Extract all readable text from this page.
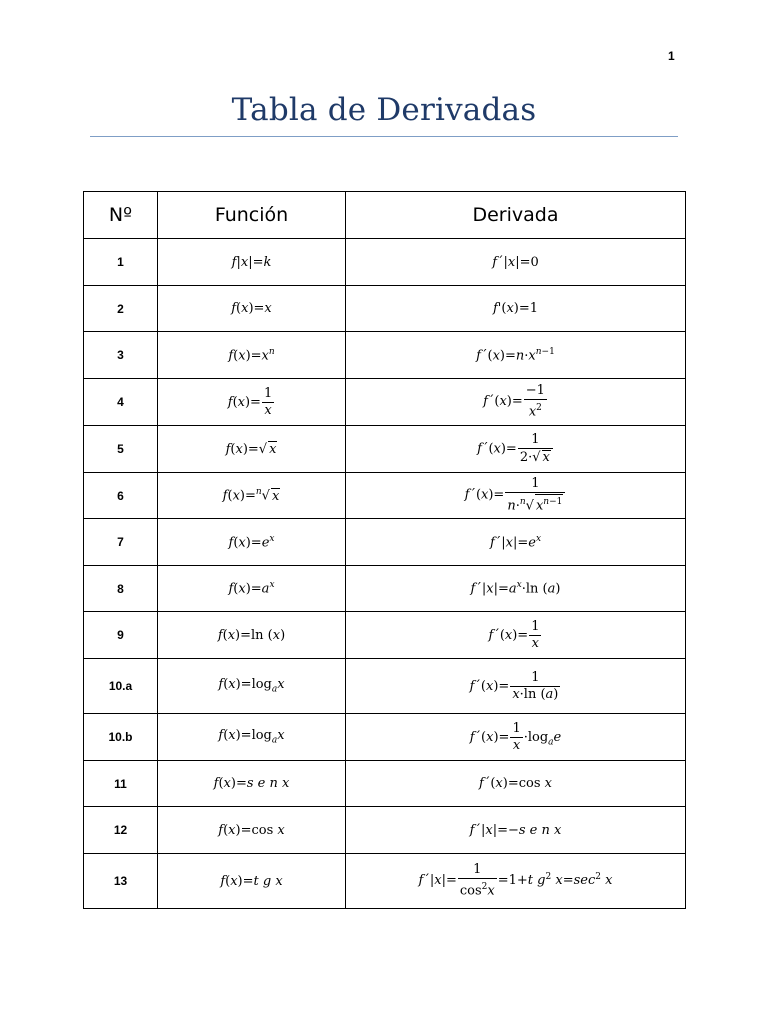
1
Tabla de Derivadas
Nº	Función	Derivada
1	f|x|=k	f´|x|=0
2	f(x)=x	f'(x)=1
3	$f(x)=x^n$	$f´(x)=n\cdot x^{n-1}$
4	$f(x)= \frac{1}{x}$	f´(x)= $\frac{-1}{x^2}$

5	f(x)=√ x	f´(x)= $\frac{1}{2\cdot√ x}$

6	f(x)=$^n$√ x	f´(x)= $\frac{1}{n\cdot^n√ x^{n-1}}$

7	$f(x)=e^x$	$f´|x|=e^x$
8	$f(x)=a^x$	$f´|x|=a^x\cdot\ln$ (a)
9	f(x)=ln (x)	f´(x)= $\frac{1}{x}$

10.a	$f(x)=\log_ax$	f´(x)= $\frac{1}{x\cdot\ln (a)}$

10.b	$f(x)=\log_ax$	f´(x)= $\frac{1}{x} \cdot\log_ae$
11	f(x)=s e n x	f´(x)=cos x
12	f(x)=cos x	f´|x|=−s e n x
13	f(x)=t g x	f´|x|= $\frac{1}{\cos^2x} =1+t$ $g^2$ $x=\sec^2$ x
